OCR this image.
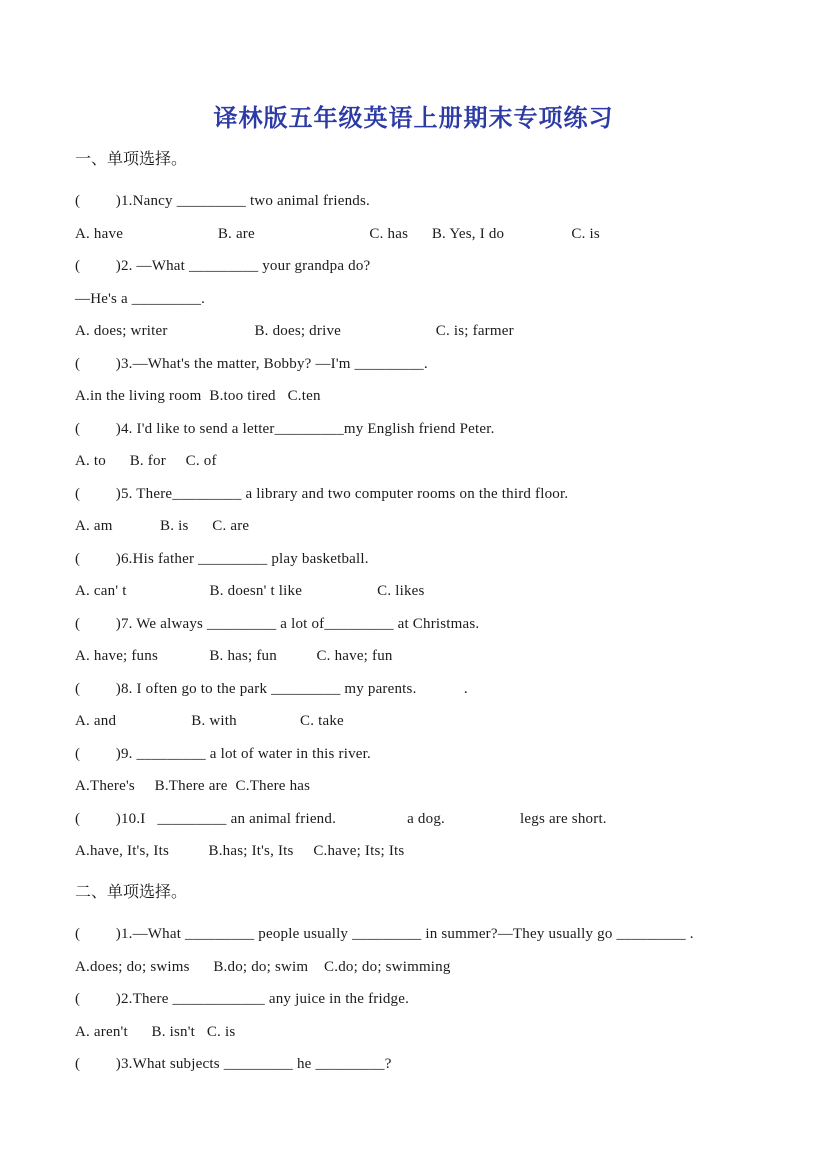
译林版五年级英语上册期末专项练习
一、单项选择。
(         )1.Nancy _________ two animal friends.
A. have                        B. are                             C. has      B. Yes, I do                 C. is
(         )2. —What _________ your grandpa do?
—He's a _________.
A. does; writer                      B. does; drive                        C. is; farmer
(         )3.—What's the matter, Bobby? —I'm _________.
A.in the living room  B.too tired   C.ten
(         )4. I'd like to send a letter_________my English friend Peter.
A. to      B. for     C. of
(         )5. There_________ a library and two computer rooms on the third floor.
A. am            B. is      C. are
(         )6.His father _________ play basketball.
A. can' t                     B. doesn' t like                   C. likes
(         )7. We always _________ a lot of_________ at Christmas.
A. have; funs             B. has; fun          C. have; fun
(         )8. I often go to the park _________ my parents.            .
A. and                   B. with                C. take
(         )9. _________ a lot of water in this river.
A.There's     B.There are  C.There has
(         )10.I   _________ an animal friend.                  a dog.                   legs are short.
A.have, It's, Its          B.has; It's, Its     C.have; Its; Its
二、单项选择。
(         )1.—What _________ people usually _________ in summer?—They usually go _________ .
A.does; do; swims      B.do; do; swim    C.do; do; swimming
(         )2.There ____________ any juice in the fridge.
A. aren't      B. isn't   C. is
(         )3.What subjects _________ he _________?
